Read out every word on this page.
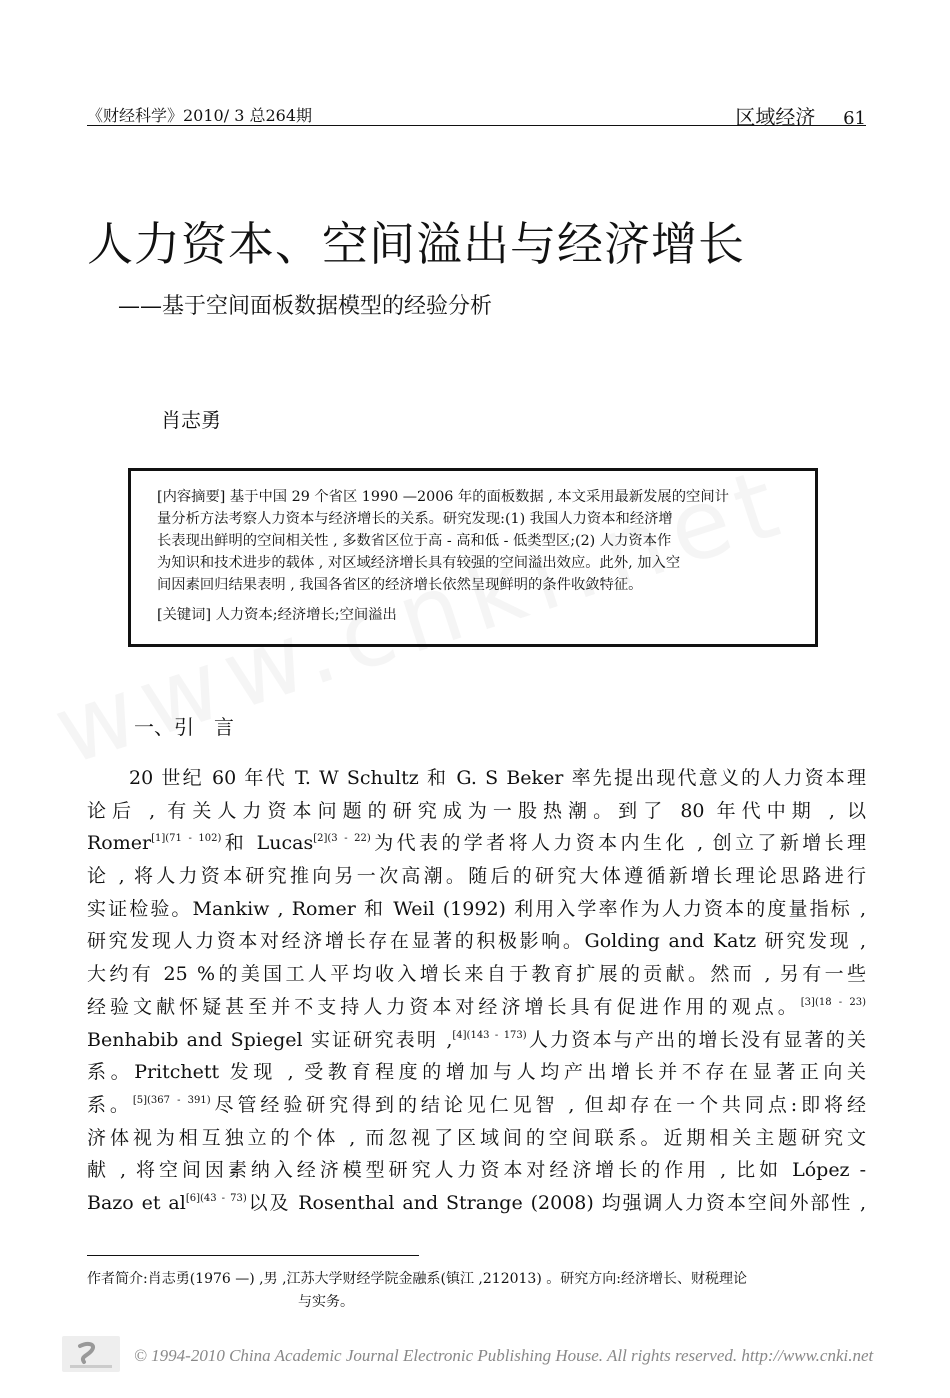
《财经科学》2010/ 3 总264期	区域经济 61
人力资本、空间溢出与经济增长
——基于空间面板数据模型的经验分析
肖志勇

[内容摘要] 基于中国 29 个省区 1990 —2006 年的面板数据 , 本文采用最新发展的空间计

量分析方法考察人力资本与经济增长的关系。研究发现:(1) 我国人力资本和经济增

长表现出鲜明的空间相关性 , 多数省区位于高 - 高和低 - 低类型区;(2) 人力资本作

为知识和技术进步的载体 , 对区域经济增长具有较强的空间溢出效应。此外, 加入空

间因素回归结果表明 , 我国各省区的经济增长依然呈现鲜明的条件收敛特征。

[关键词] 人力资本;经济增长;空间溢出

一、引　言
20 世纪 60 年代 T. W Schultz 和 G. S Beker 率先提出现代意义的人力资本理
论后 , 有关人力资本问题的研究成为一股热潮。到了 80 年代中期 , 以
Romer$^{[1](71 - 102)}$和 Lucas$^{[2](3 - 22)}$为代表的学者将人力资本内生化 , 创立了新增长理
论 , 将人力资本研究推向另一次高潮。随后的研究大体遵循新增长理论思路进行
实证检验。Mankiw , Romer 和 Weil (1992) 利用入学率作为人力资本的度量指标 ,
研究发现人力资本对经济增长存在显著的积极影响。Golding and Katz 研究发现 ,
大约有 25 %的美国工人平均收入增长来自于教育扩展的贡献。然而 , 另有一些
经验文献怀疑甚至并不支持人力资本对经济增长具有促进作用的观点。$^{[3](18 - 23)}$
Benhabib and Spiegel 实证研究表明 ,$^{[4](143 - 173)}$人力资本与产出的增长没有显著的关
系。Pritchett 发现 , 受教育程度的增加与人均产出增长并不存在显著正向关
系。$^{[5](367 - 391)}$尽管经验研究得到的结论见仁见智 , 但却存在一个共同点:即将经
济体视为相互独立的个体 , 而忽视了区域间的空间联系。近期相关主题研究文
献 , 将空间因素纳入经济模型研究人力资本对经济增长的作用 , 比如 López -
Bazo et $al^{[6](43 - 73)}$以及 Rosenthal and Strange (2008) 均强调人力资本空间外部性 ,
作者简介:肖志勇(1976 —) ,男 ,江苏大学财经学院金融系(镇江 ,212013) 。研究方向:经济增长、财税理论
与实务。
© 1994-2010 China Academic Journal Electronic Publishing House. All rights reserved. http://www.cnki.net
